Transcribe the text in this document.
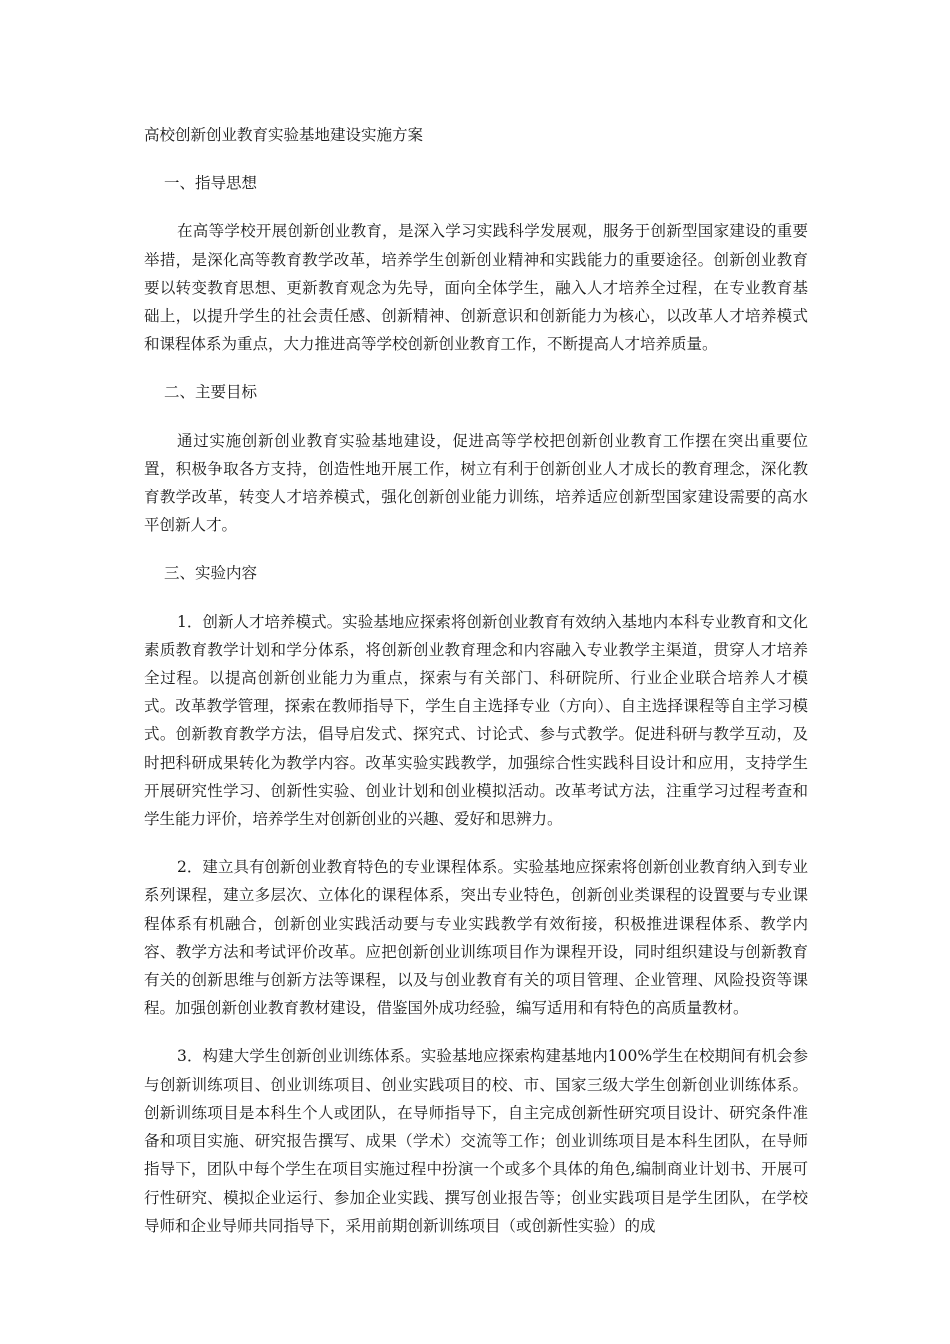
高校创新创业教育实验基地建设实施方案
一、指导思想

在高等学校开展创新创业教育，是深入学习实践科学发展观，服务于创新型国家建设的重要举措，是深化高等教育教学改革，培养学生创新创业精神和实践能力的重要途径。创新创业教育要以转变教育思想、更新教育观念为先导，面向全体学生，融入人才培养全过程，在专业教育基础上，以提升学生的社会责任感、创新精神、创新意识和创新能力为核心，以改革人才培养模式和课程体系为重点，大力推进高等学校创新创业教育工作，不断提高人才培养质量。

二、主要目标

通过实施创新创业教育实验基地建设，促进高等学校把创新创业教育工作摆在突出重要位置，积极争取各方支持，创造性地开展工作，树立有利于创新创业人才成长的教育理念，深化教育教学改革，转变人才培养模式，强化创新创业能力训练，培养适应创新型国家建设需要的高水平创新人才。

三、实验内容

1．创新人才培养模式。实验基地应探索将创新创业教育有效纳入基地内本科专业教育和文化素质教育教学计划和学分体系，将创新创业教育理念和内容融入专业教学主渠道，贯穿人才培养全过程。以提高创新创业能力为重点，探索与有关部门、科研院所、行业企业联合培养人才模式。改革教学管理，探索在教师指导下，学生自主选择专业（方向）、自主选择课程等自主学习模式。创新教育教学方法，倡导启发式、探究式、讨论式、参与式教学。促进科研与教学互动，及时把科研成果转化为教学内容。改革实验实践教学，加强综合性实践科目设计和应用，支持学生开展研究性学习、创新性实验、创业计划和创业模拟活动。改革考试方法，注重学习过程考查和学生能力评价，培养学生对创新创业的兴趣、爱好和思辨力。

2．建立具有创新创业教育特色的专业课程体系。实验基地应探索将创新创业教育纳入到专业系列课程，建立多层次、立体化的课程体系，突出专业特色，创新创业类课程的设置要与专业课程体系有机融合，创新创业实践活动要与专业实践教学有效衔接，积极推进课程体系、教学内容、教学方法和考试评价改革。应把创新创业训练项目作为课程开设，同时组织建设与创新教育有关的创新思维与创新方法等课程，以及与创业教育有关的项目管理、企业管理、风险投资等课程。加强创新创业教育教材建设，借鉴国外成功经验，编写适用和有特色的高质量教材。

3．构建大学生创新创业训练体系。实验基地应探索构建基地内100%学生在校期间有机会参与创新训练项目、创业训练项目、创业实践项目的校、市、国家三级大学生创新创业训练体系。创新训练项目是本科生个人或团队，在导师指导下，自主完成创新性研究项目设计、研究条件准备和项目实施、研究报告撰写、成果（学术）交流等工作；创业训练项目是本科生团队，在导师指导下，团队中每个学生在项目实施过程中扮演一个或多个具体的角色,编制商业计划书、开展可行性研究、模拟企业运行、参加企业实践、撰写创业报告等；创业实践项目是学生团队，在学校导师和企业导师共同指导下，采用前期创新训练项目（或创新性实验）的成
